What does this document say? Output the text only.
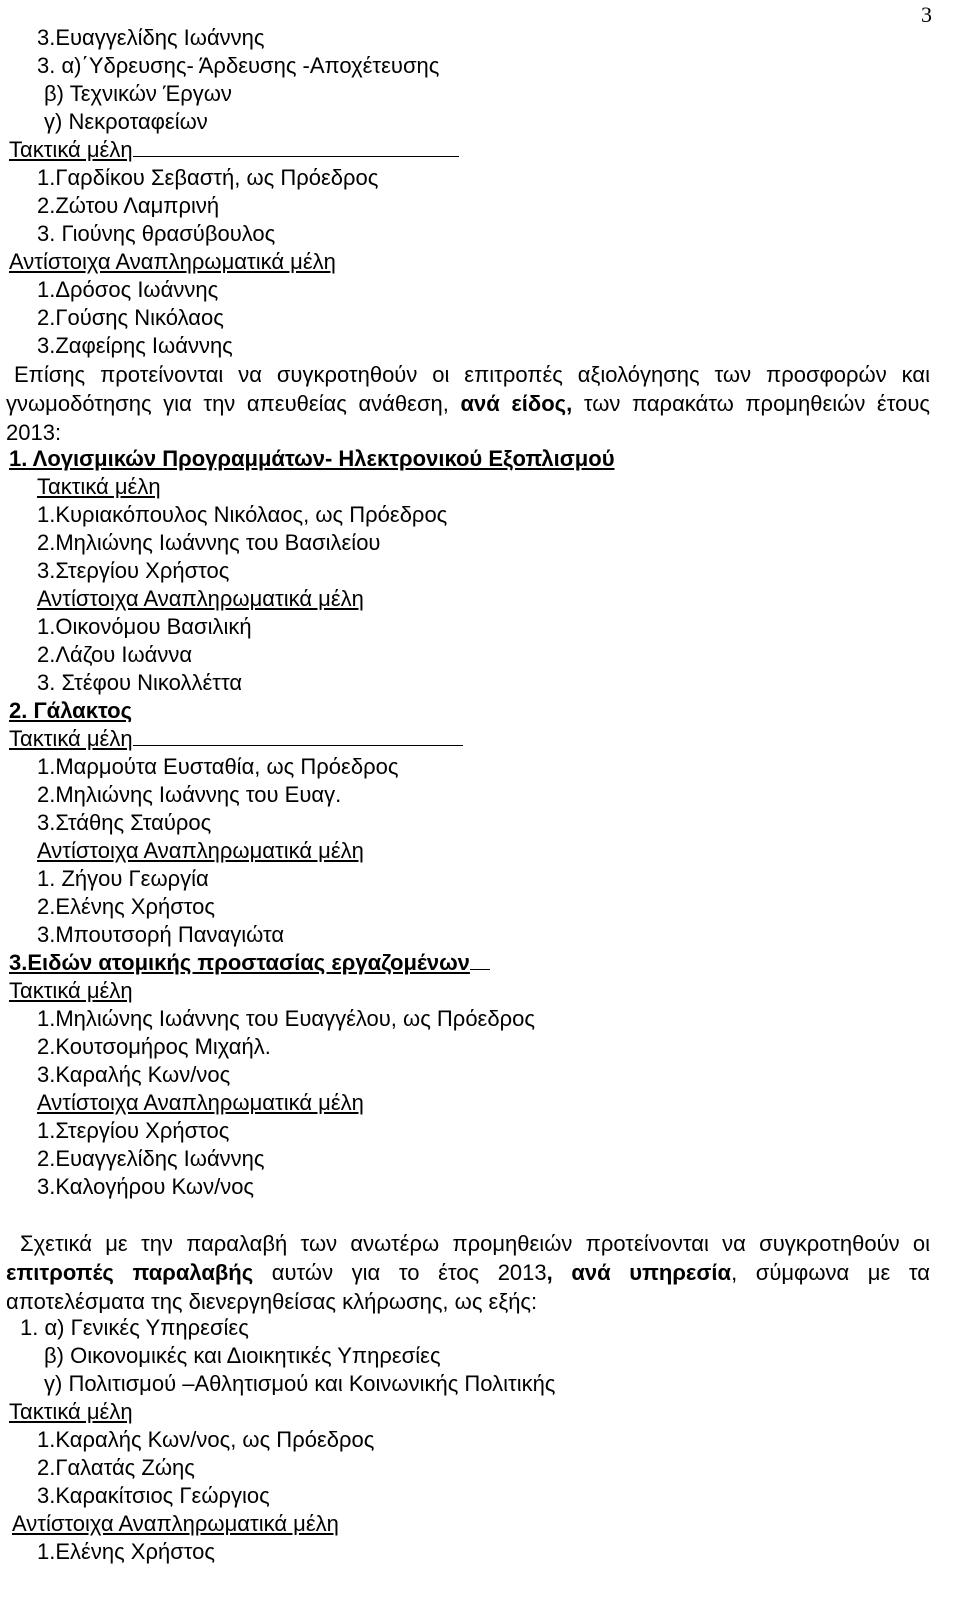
3
3.Ευαγγελίδης Ιωάννης
3. α)΄Υδρευσης- Άρδευσης -Αποχέτευσης
β) Τεχνικών Έργων
γ) Νεκροταφείων
Τακτικά μέλη
1.Γαρδίκου Σεβαστή, ως Πρόεδρος
2.Ζώτου Λαμπρινή
3. Γιούνης θρασύβουλος
Αντίστοιχα Αναπληρωματικά μέλη
1.Δρόσος Ιωάννης
2.Γούσης Νικόλαος
3.Ζαφείρης Ιωάννης
Επίσης προτείνονται να συγκροτηθούν οι επιτροπές αξιολόγησης των προσφορών και γνωμοδότησης για την απευθείας ανάθεση, ανά είδος, των παρακάτω προμηθειών έτους 2013:
1. Λογισμικών Προγραμμάτων- Ηλεκτρονικού Εξοπλισμού
Τακτικά μέλη
1.Κυριακόπουλος Νικόλαος, ως Πρόεδρος
2.Μηλιώνης Ιωάννης του Βασιλείου
3.Στεργίου Χρήστος
Αντίστοιχα Αναπληρωματικά μέλη
1.Οικονόμου Βασιλική
2.Λάζου Ιωάννα
3. Στέφου Νικολλέττα
2. Γάλακτος
Τακτικά μέλη
1.Μαρμούτα Ευσταθία, ως Πρόεδρος
2.Μηλιώνης Ιωάννης του Ευαγ.
3.Στάθης Σταύρος
Αντίστοιχα Αναπληρωματικά μέλη
1. Ζήγου Γεωργία
2.Ελένης Χρήστος
3.Μπουτσορή Παναγιώτα
3.Ειδών ατομικής προστασίας εργαζομένων
Τακτικά μέλη
1.Μηλιώνης Ιωάννης του Ευαγγέλου, ως Πρόεδρος
2.Κουτσομήρος Μιχαήλ.
3.Καραλής Κων/νος
Αντίστοιχα Αναπληρωματικά μέλη
1.Στεργίου Χρήστος
2.Ευαγγελίδης Ιωάννης
3.Καλογήρου Κων/νος
Σχετικά με την παραλαβή των ανωτέρω προμηθειών προτείνονται να συγκροτηθούν οι επιτροπές παραλαβής αυτών για το έτος 2013, ανά υπηρεσία, σύμφωνα με τα αποτελέσματα της διενεργηθείσας κλήρωσης, ως εξής:
1. α) Γενικές Υπηρεσίες
β) Οικονομικές και Διοικητικές Υπηρεσίες
γ) Πολιτισμού –Αθλητισμού και Κοινωνικής Πολιτικής
Τακτικά μέλη
1.Καραλής Κων/νος, ως Πρόεδρος
2.Γαλατάς Ζώης
3.Καρακίτσιος Γεώργιος
Αντίστοιχα Αναπληρωματικά μέλη
1.Ελένης Χρήστος
